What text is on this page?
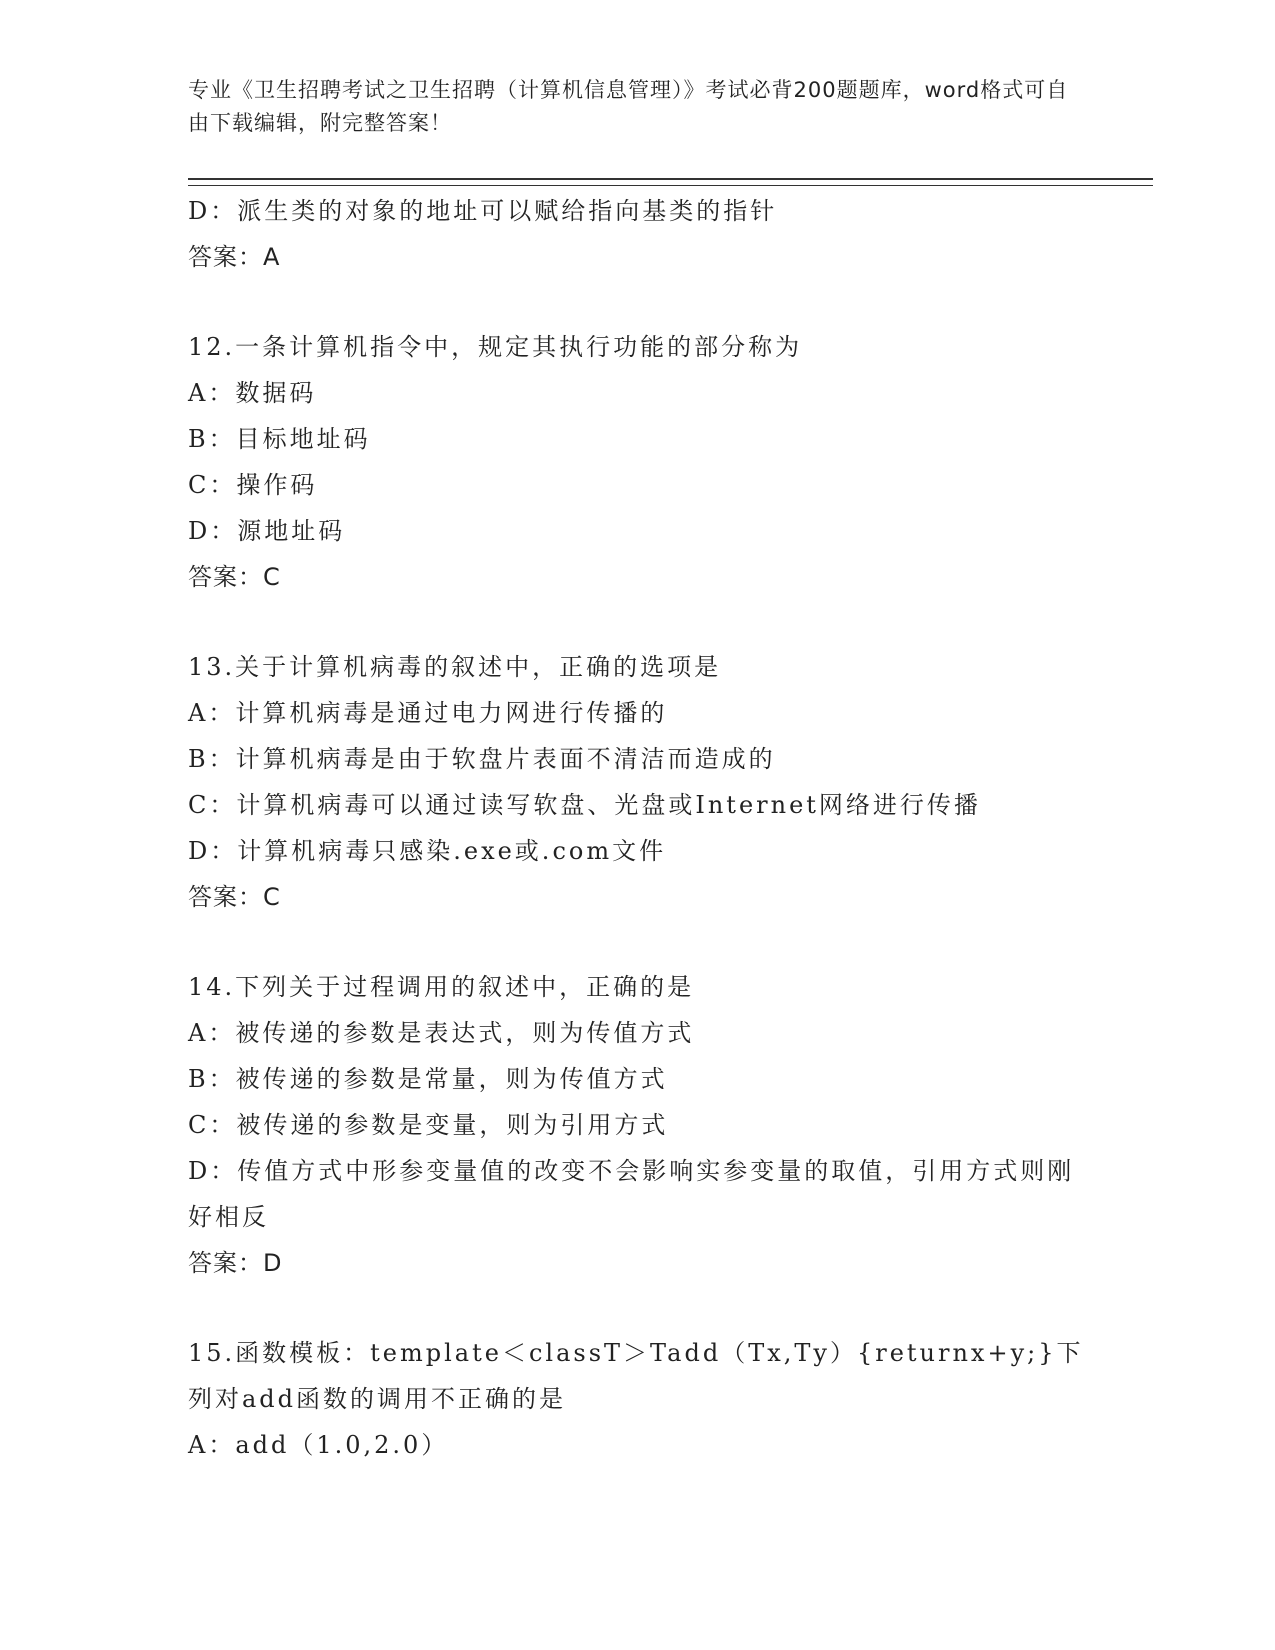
专业《卫生招聘考试之卫生招聘（计算机信息管理）》考试必背200题题库，word格式可自由下载编辑，附完整答案！
D：派生类的对象的地址可以赋给指向基类的指针
答案：A
12.一条计算机指令中，规定其执行功能的部分称为
A：数据码
B：目标地址码
C：操作码
D：源地址码
答案：C
13.关于计算机病毒的叙述中，正确的选项是
A：计算机病毒是通过电力网进行传播的
B：计算机病毒是由于软盘片表面不清洁而造成的
C：计算机病毒可以通过读写软盘、光盘或Internet网络进行传播
D：计算机病毒只感染.exe或.com文件
答案：C
14.下列关于过程调用的叙述中，正确的是
A：被传递的参数是表达式，则为传值方式
B：被传递的参数是常量，则为传值方式
C：被传递的参数是变量，则为引用方式
D：传值方式中形参变量值的改变不会影响实参变量的取值，引用方式则刚好相反
答案：D
15.函数模板：template＜classT＞Tadd（Tx,Ty）{returnx+y;}下列对add函数的调用不正确的是
A：add（1.0,2.0）
